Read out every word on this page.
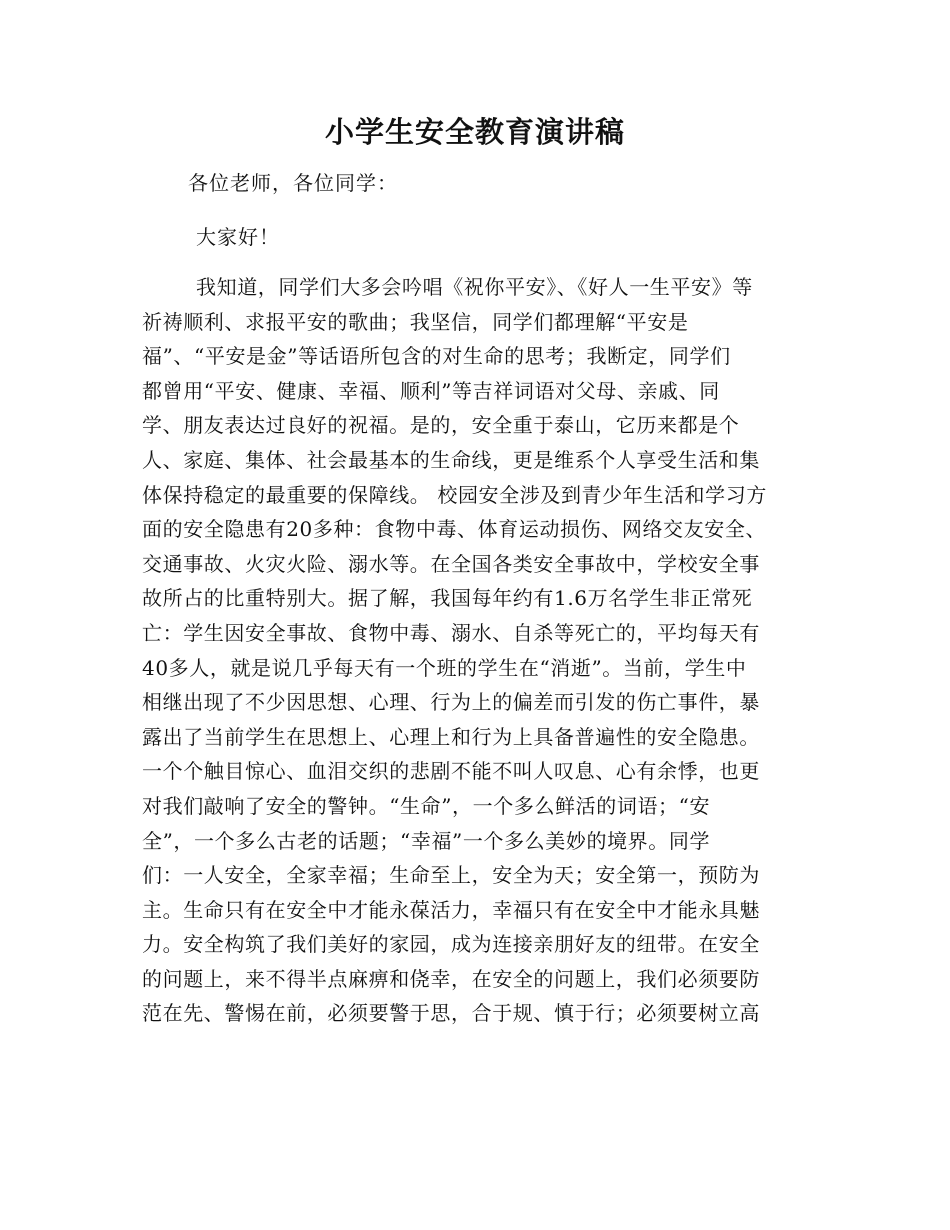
小学生安全教育演讲稿
各位老师，各位同学：
大家好！
我知道，同学们大多会吟唱《祝你平安》、《好人一生平安》等
祈祷顺利、求报平安的歌曲；我坚信，同学们都理解“平安是
福”、“平安是金”等话语所包含的对生命的思考；我断定，同学们
都曾用“平安、健康、幸福、顺利”等吉祥词语对父母、亲戚、同
学、朋友表达过良好的祝福。是的，安全重于泰山，它历来都是个
人、家庭、集体、社会最基本的生命线，更是维系个人享受生活和集
体保持稳定的最重要的保障线。 校园安全涉及到青少年生活和学习方
面的安全隐患有20多种：食物中毒、体育运动损伤、网络交友安全、
交通事故、火灾火险、溺水等。在全国各类安全事故中，学校安全事
故所占的比重特别大。据了解，我国每年约有1.6万名学生非正常死
亡：学生因安全事故、食物中毒、溺水、自杀等死亡的，平均每天有
40多人，就是说几乎每天有一个班的学生在“消逝”。当前，学生中
相继出现了不少因思想、心理、行为上的偏差而引发的伤亡事件，暴
露出了当前学生在思想上、心理上和行为上具备普遍性的安全隐患。
一个个触目惊心、血泪交织的悲剧不能不叫人叹息、心有余悸，也更
对我们敲响了安全的警钟。“生命”，一个多么鲜活的词语；“安
全”，一个多么古老的话题；“幸福”一个多么美妙的境界。同学
们：一人安全，全家幸福；生命至上，安全为天；安全第一，预防为
主。生命只有在安全中才能永葆活力，幸福只有在安全中才能永具魅
力。安全构筑了我们美好的家园，成为连接亲朋好友的纽带。在安全
的问题上，来不得半点麻痹和侥幸，在安全的问题上，我们必须要防
范在先、警惕在前，必须要警于思，合于规、慎于行；必须要树立高
